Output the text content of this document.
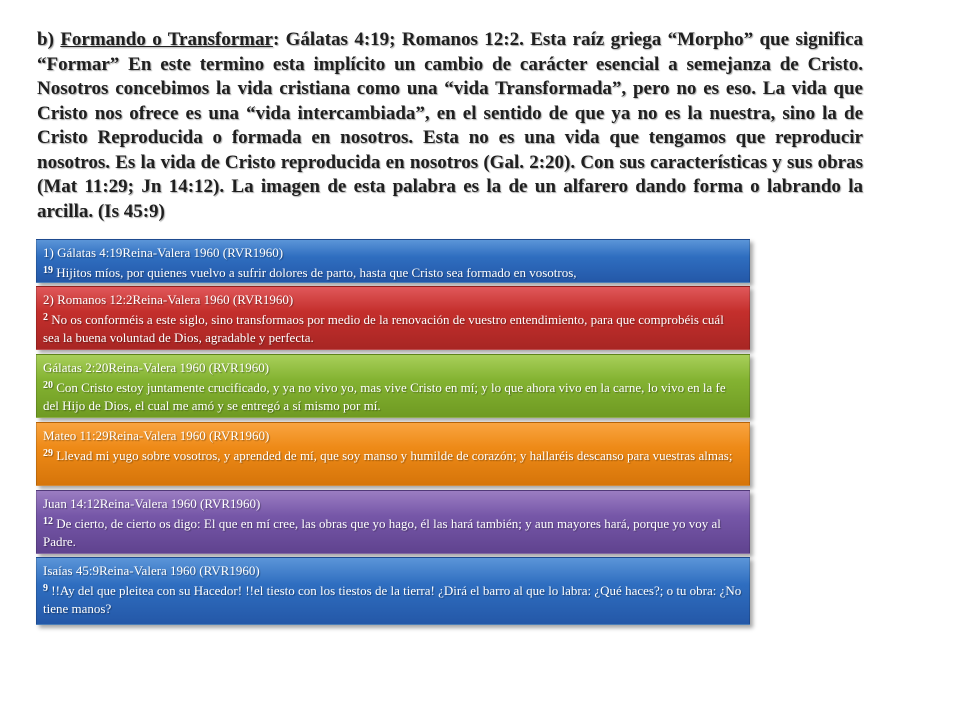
b) Formando o Transformar: Gálatas 4:19; Romanos 12:2. Esta raíz griega “Morpho” que significa “Formar” En este termino esta implícito un cambio de carácter esencial a semejanza de Cristo. Nosotros concebimos la vida cristiana como una “vida Transformada”, pero no es eso. La vida que Cristo nos ofrece es una “vida intercambiada”, en el sentido de que ya no es la nuestra, sino la de Cristo Reproducida o formada en nosotros. Esta no es una vida que tengamos que reproducir nosotros. Es la vida de Cristo reproducida en nosotros (Gal. 2:20). Con sus características y sus obras (Mat 11:29; Jn 14:12). La imagen de esta palabra es la de un alfarero dando forma o labrando la arcilla. (Is 45:9)
1) Gálatas 4:19Reina-Valera 1960 (RVR1960)
$^{19}$ Hijitos míos, por quienes vuelvo a sufrir dolores de parto, hasta que Cristo sea formado en vosotros,
2) Romanos 12:2Reina-Valera 1960 (RVR1960)
$^2$ No os conforméis a este siglo, sino transformaos por medio de la renovación de vuestro entendimiento, para que comprobéis cuál sea la buena voluntad de Dios, agradable y perfecta.
Gálatas 2:20Reina-Valera 1960 (RVR1960)
$^{20}$ Con Cristo estoy juntamente crucificado, y ya no vivo yo, mas vive Cristo en mí; y lo que ahora vivo en la carne, lo vivo en la fe del Hijo de Dios, el cual me amó y se entregó a sí mismo por mí.
Mateo 11:29Reina-Valera 1960 (RVR1960)
$^{29}$ Llevad mi yugo sobre vosotros, y aprended de mí, que soy manso y humilde de corazón; y hallaréis descanso para vuestras almas;
Juan 14:12Reina-Valera 1960 (RVR1960)
$^{12}$ De cierto, de cierto os digo: El que en mí cree, las obras que yo hago, él las hará también; y aun mayores hará, porque yo voy al Padre.
Isaías 45:9Reina-Valera 1960 (RVR1960)
$^9$ !!Ay del que pleitea con su Hacedor! !!el tiesto con los tiestos de la tierra! ¿Dirá el barro al que lo labra: ¿Qué haces?; o tu obra: ¿No tiene manos?
